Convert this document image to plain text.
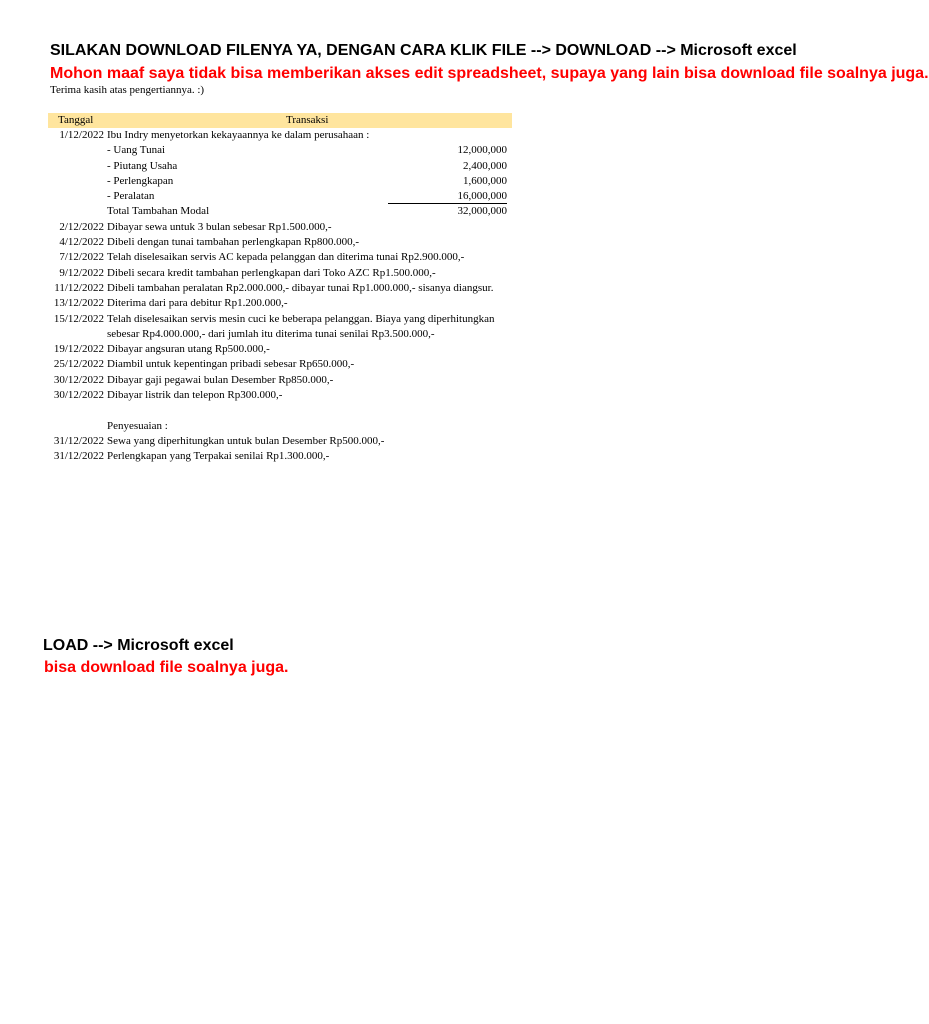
SILAKAN DOWNLOAD FILENYA YA, DENGAN CARA KLIK FILE --> DOWNLOAD --> Microsoft excel
Mohon maaf saya tidak bisa memberikan akses edit spreadsheet, supaya yang lain bisa download file soalnya juga.
Terima kasih atas pengertiannya. :)
Tanggal	Transaksi
1/12/2022 Ibu Indry menyetorkan kekayaannya ke dalam perusahaan :
- Uang Tunai	12,000,000
- Piutang Usaha	2,400,000
- Perlengkapan	1,600,000
- Peralatan	16,000,000
Total Tambahan Modal	32,000,000
2/12/2022 Dibayar sewa untuk 3 bulan sebesar Rp1.500.000,-
4/12/2022 Dibeli dengan tunai tambahan perlengkapan Rp800.000,-
7/12/2022 Telah diselesaikan servis AC kepada pelanggan dan diterima tunai Rp2.900.000,-
9/12/2022 Dibeli secara kredit tambahan perlengkapan dari Toko AZC Rp1.500.000,-
11/12/2022 Dibeli tambahan peralatan Rp2.000.000,- dibayar tunai Rp1.000.000,- sisanya diangsur.
13/12/2022 Diterima dari para debitur Rp1.200.000,-
15/12/2022 Telah diselesaikan servis mesin cuci ke beberapa pelanggan. Biaya yang diperhitungkan
sebesar Rp4.000.000,- dari jumlah itu diterima tunai senilai Rp3.500.000,-
19/12/2022 Dibayar angsuran utang Rp500.000,-
25/12/2022 Diambil untuk kepentingan pribadi sebesar Rp650.000,-
30/12/2022 Dibayar gaji pegawai bulan Desember Rp850.000,-
30/12/2022 Dibayar listrik dan telepon Rp300.000,-
Penyesuaian :
31/12/2022 Sewa yang diperhitungkan untuk bulan Desember Rp500.000,-
31/12/2022 Perlengkapan yang Terpakai senilai Rp1.300.000,-
LOAD --> Microsoft excel
bisa download file soalnya juga.
